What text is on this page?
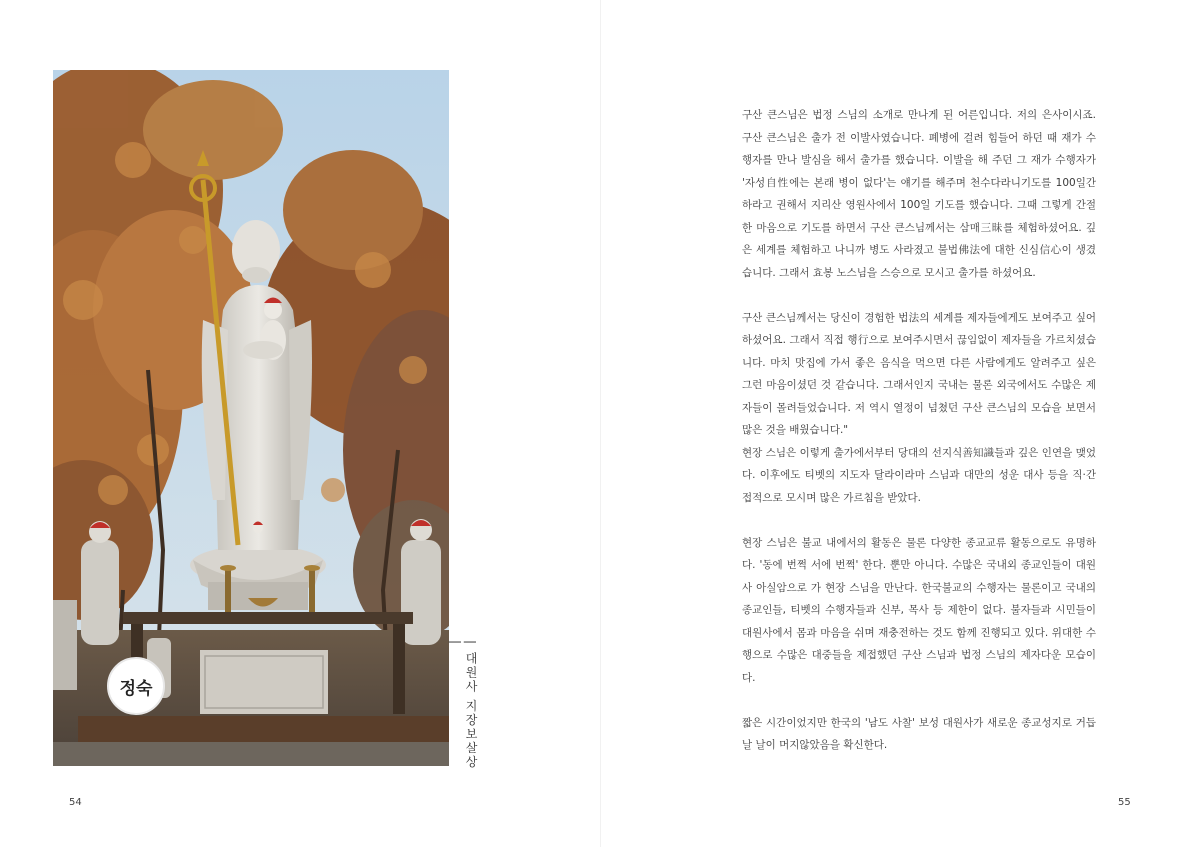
정숙	| 대원사 지장보살상 |
54	55

구산 큰스님은 법정 스님의 소개로 만나게 된 어른입니다. 저의 은사이시죠. 구산 큰스님은 출가 전 이발사였습니다. 폐병에 걸려 힘들어 하던 때 재가 수행자를 만나 발심을 해서 출가를 했습니다. 이발을 해 주던 그 재가 수행자가 '자성自性에는 본래 병이 없다'는 얘기를 해주며 천수다라니기도를 100일간 하라고 권해서 지리산 영원사에서 100일 기도를 했습니다. 그때 그렇게 간절한 마음으로 기도를 하면서 구산 큰스님께서는 삼매三昧를 체험하셨어요. 깊은 세계를 체험하고 나니까 병도 사라졌고 불법佛法에 대한 신심信心이 생겼습니다. 그래서 효봉 노스님을 스승으로 모시고 출가를 하셨어요.

구산 큰스님께서는 당신이 경험한 법法의 세계를 제자들에게도 보여주고 싶어 하셨어요. 그래서 직접 행行으로 보여주시면서 끊임없이 제자들을 가르치셨습니다. 마치 맛집에 가서 좋은 음식을 먹으면 다른 사람에게도 알려주고 싶은 그런 마음이셨던 것 같습니다. 그래서인지 국내는 물론 외국에서도 수많은 제자들이 몰려들었습니다. 저 역시 열정이 넘쳤던 구산 큰스님의 모습을 보면서 많은 것을 배웠습니다."

현장 스님은 이렇게 출가에서부터 당대의 선지식善知識들과 깊은 인연을 맺었다. 이후에도 티벳의 지도자 달라이라마 스님과 대만의 성운 대사 등을 직·간접적으로 모시며 많은 가르침을 받았다.

현장 스님은 불교 내에서의 활동은 물론 다양한 종교교류 활동으로도 유명하다. '동에 번쩍 서에 번쩍' 한다. 뿐만 아니다. 수많은 국내외 종교인들이 대원사 아실암으로 가 현장 스님을 만난다. 한국불교의 수행자는 물론이고 국내의 종교인들, 티벳의 수행자들과 신부, 목사 등 제한이 없다. 불자들과 시민들이 대원사에서 몸과 마음을 쉬며 재충전하는 것도 함께 진행되고 있다. 위대한 수행으로 수많은 대중들을 제접했던 구산 스님과 법정 스님의 제자다운 모습이다.

짧은 시간이었지만 한국의 '남도 사찰' 보성 대원사가 새로운 종교성지로 거듭날 날이 머지않았음을 확신한다.
